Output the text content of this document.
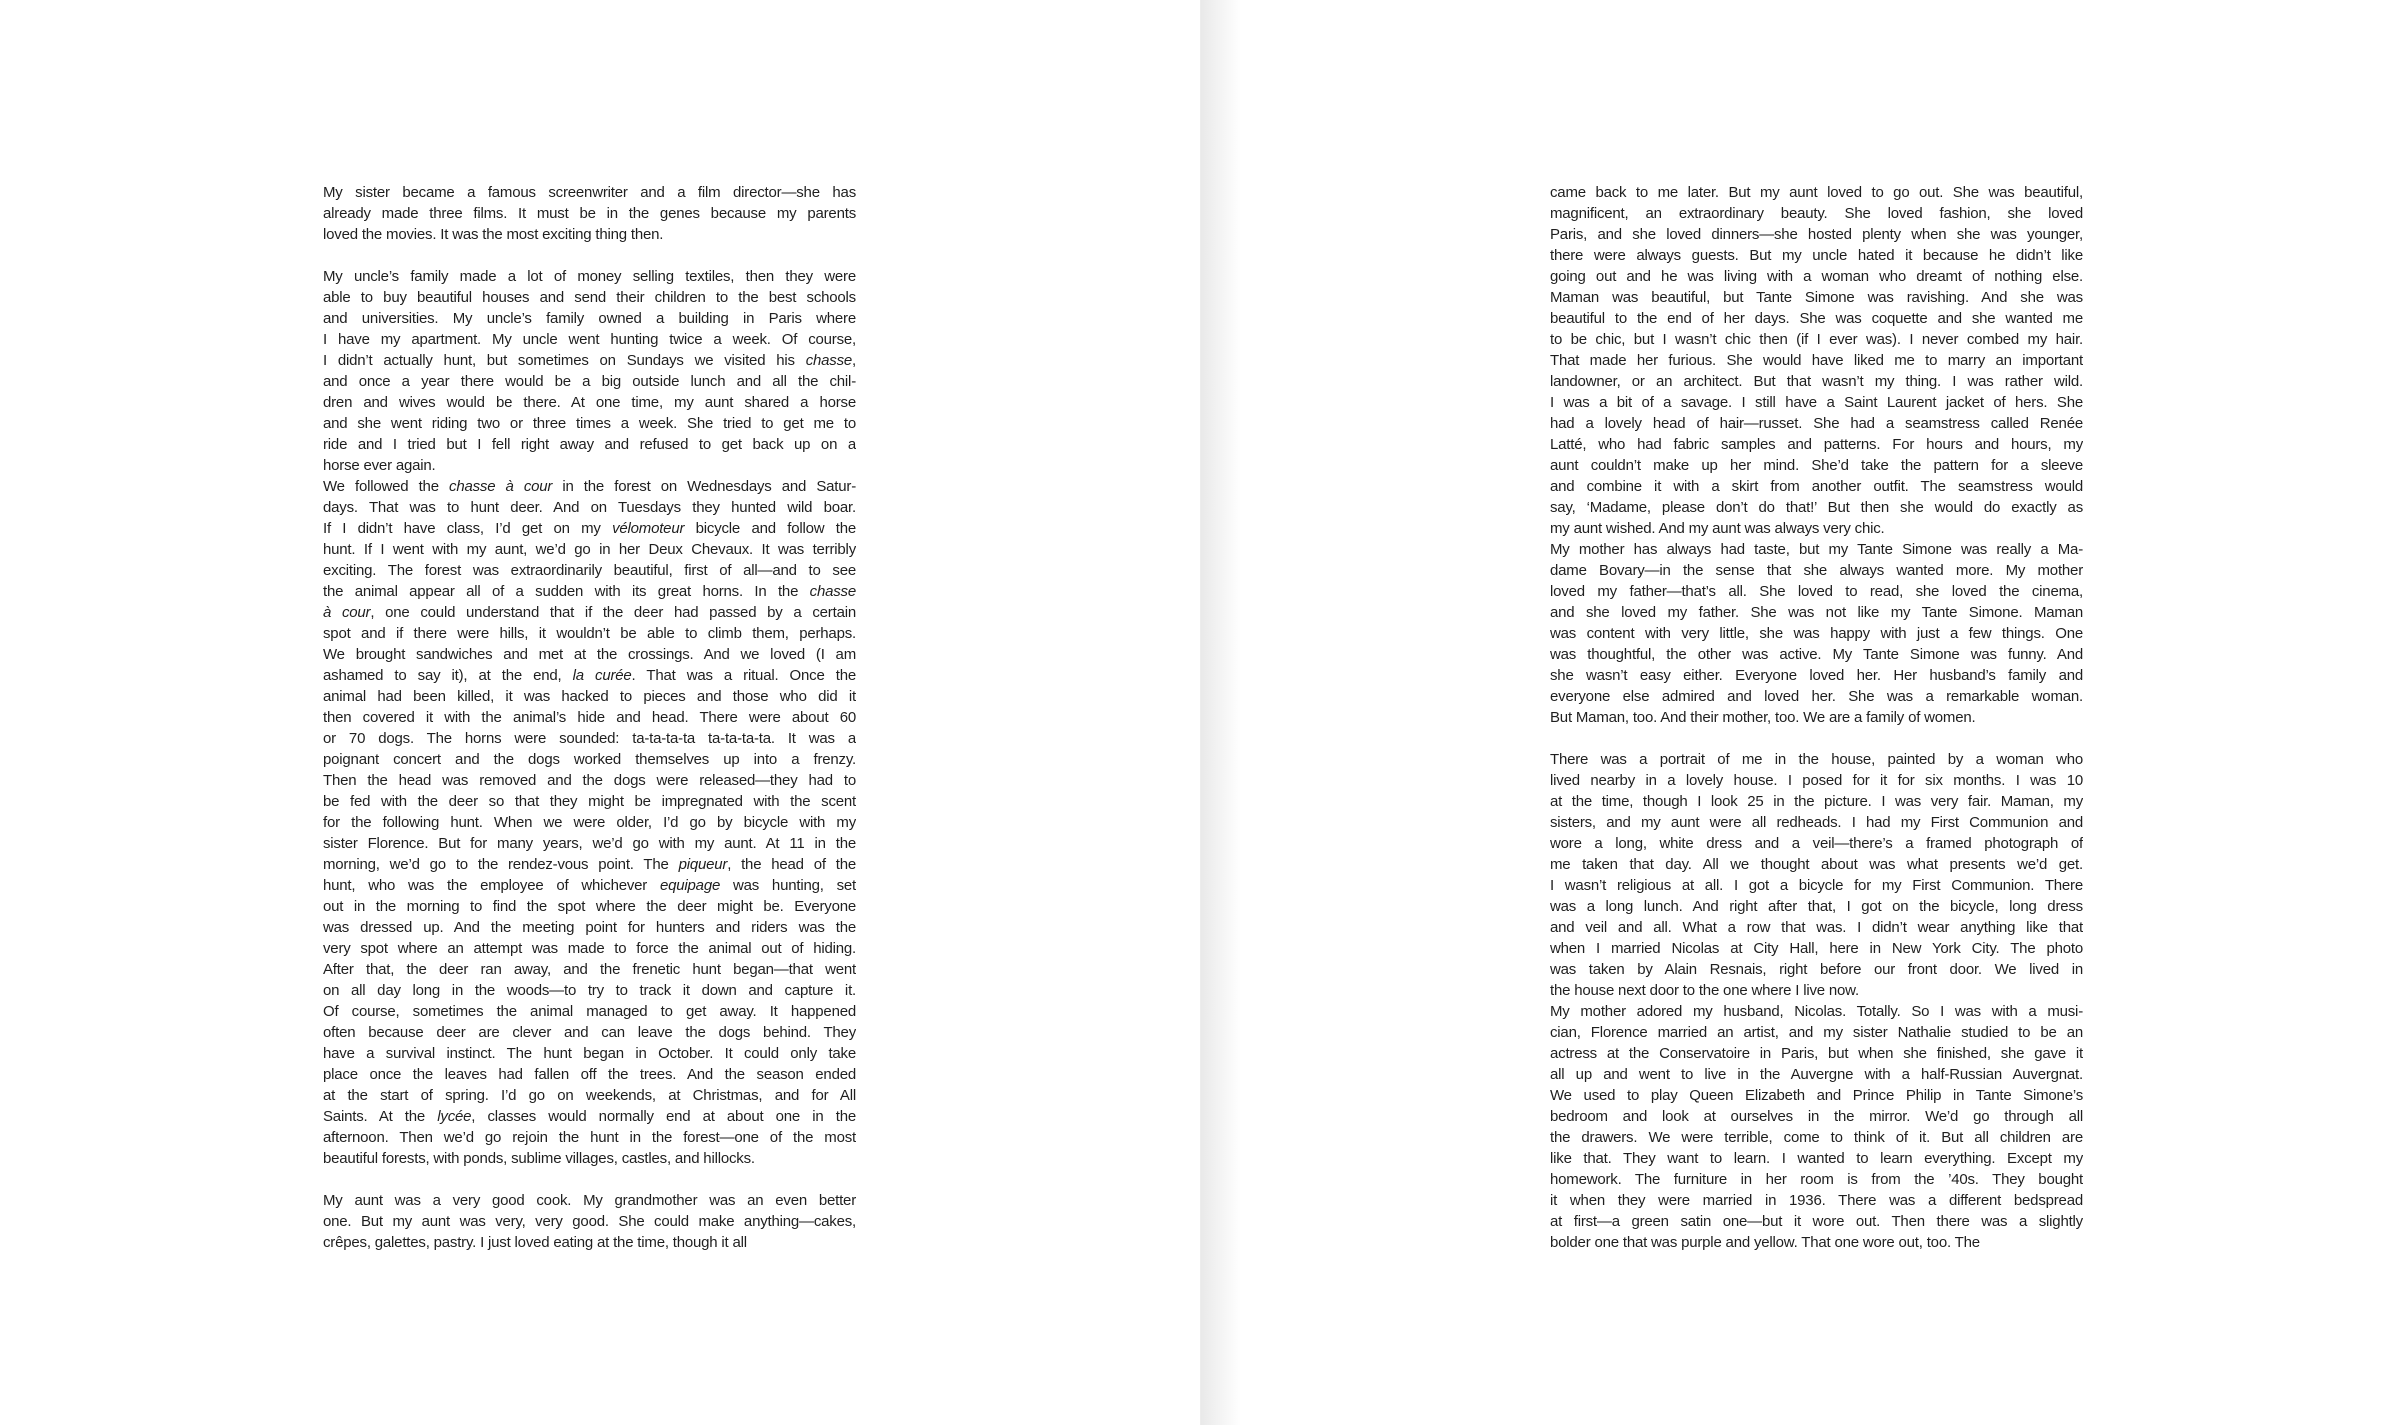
My sister became a famous screenwriter and a film director—she has
already made three films. It must be in the genes because my parents
loved the movies. It was the most exciting thing then.
My uncle’s family made a lot of money selling textiles, then they were
able to buy beautiful houses and send their children to the best schools
and universities. My uncle’s family owned a building in Paris where
I have my apartment. My uncle went hunting twice a week. Of course,
I didn’t actually hunt, but sometimes on Sundays we visited his chasse,
and once a year there would be a big outside lunch and all the chil-
dren and wives would be there. At one time, my aunt shared a horse
and she went riding two or three times a week. She tried to get me to
ride and I tried but I fell right away and refused to get back up on a
horse ever again.
We followed the chasse à cour in the forest on Wednesdays and Satur-
days. That was to hunt deer. And on Tuesdays they hunted wild boar.
If I didn’t have class, I’d get on my vélomoteur bicycle and follow the
hunt. If I went with my aunt, we’d go in her Deux Chevaux. It was terribly
exciting. The forest was extraordinarily beautiful, first of all—and to see
the animal appear all of a sudden with its great horns. In the chasse
à cour, one could understand that if the deer had passed by a certain
spot and if there were hills, it wouldn’t be able to climb them, perhaps.
We brought sandwiches and met at the crossings. And we loved (I am
ashamed to say it), at the end, la curée. That was a ritual. Once the
animal had been killed, it was hacked to pieces and those who did it
then covered it with the animal’s hide and head. There were about 60
or 70 dogs. The horns were sounded: ta-ta-ta-ta ta-ta-ta-ta. It was a
poignant concert and the dogs worked themselves up into a frenzy.
Then the head was removed and the dogs were released—they had to
be fed with the deer so that they might be impregnated with the scent
for the following hunt. When we were older, I’d go by bicycle with my
sister Florence. But for many years, we’d go with my aunt. At 11 in the
morning, we’d go to the rendez-vous point. The piqueur, the head of the
hunt, who was the employee of whichever equipage was hunting, set
out in the morning to find the spot where the deer might be. Everyone
was dressed up. And the meeting point for hunters and riders was the
very spot where an attempt was made to force the animal out of hiding.
After that, the deer ran away, and the frenetic hunt began—that went
on all day long in the woods—to try to track it down and capture it.
Of course, sometimes the animal managed to get away. It happened
often because deer are clever and can leave the dogs behind. They
have a survival instinct. The hunt began in October. It could only take
place once the leaves had fallen off the trees. And the season ended
at the start of spring. I’d go on weekends, at Christmas, and for All
Saints. At the lycée, classes would normally end at about one in the
afternoon. Then we’d go rejoin the hunt in the forest—one of the most
beautiful forests, with ponds, sublime villages, castles, and hillocks.
My aunt was a very good cook. My grandmother was an even better
one. But my aunt was very, very good. She could make anything—cakes,
crêpes, galettes, pastry. I just loved eating at the time, though it all
came back to me later. But my aunt loved to go out. She was beautiful,
magnificent, an extraordinary beauty. She loved fashion, she loved
Paris, and she loved dinners—she hosted plenty when she was younger,
there were always guests. But my uncle hated it because he didn’t like
going out and he was living with a woman who dreamt of nothing else.
Maman was beautiful, but Tante Simone was ravishing. And she was
beautiful to the end of her days. She was coquette and she wanted me
to be chic, but I wasn’t chic then (if I ever was). I never combed my hair.
That made her furious. She would have liked me to marry an important
landowner, or an architect. But that wasn’t my thing. I was rather wild.
I was a bit of a savage. I still have a Saint Laurent jacket of hers. She
had a lovely head of hair—russet. She had a seamstress called Renée
Latté, who had fabric samples and patterns. For hours and hours, my
aunt couldn’t make up her mind. She’d take the pattern for a sleeve
and combine it with a skirt from another outfit. The seamstress would
say, ‘Madame, please don’t do that!’ But then she would do exactly as
my aunt wished. And my aunt was always very chic.
My mother has always had taste, but my Tante Simone was really a Ma-
dame Bovary—in the sense that she always wanted more. My mother
loved my father—that’s all. She loved to read, she loved the cinema,
and she loved my father. She was not like my Tante Simone. Maman
was content with very little, she was happy with just a few things. One
was thoughtful, the other was active. My Tante Simone was funny. And
she wasn’t easy either. Everyone loved her. Her husband’s family and
everyone else admired and loved her. She was a remarkable woman.
But Maman, too. And their mother, too. We are a family of women.
There was a portrait of me in the house, painted by a woman who
lived nearby in a lovely house. I posed for it for six months. I was 10
at the time, though I look 25 in the picture. I was very fair. Maman, my
sisters, and my aunt were all redheads. I had my First Communion and
wore a long, white dress and a veil—there’s a framed photograph of
me taken that day. All we thought about was what presents we’d get.
I wasn’t religious at all. I got a bicycle for my First Communion. There
was a long lunch. And right after that, I got on the bicycle, long dress
and veil and all. What a row that was. I didn’t wear anything like that
when I married Nicolas at City Hall, here in New York City. The photo
was taken by Alain Resnais, right before our front door. We lived in
the house next door to the one where I live now.
My mother adored my husband, Nicolas. Totally. So I was with a musi-
cian, Florence married an artist, and my sister Nathalie studied to be an
actress at the Conservatoire in Paris, but when she finished, she gave it
all up and went to live in the Auvergne with a half-Russian Auvergnat.
We used to play Queen Elizabeth and Prince Philip in Tante Simone’s
bedroom and look at ourselves in the mirror. We’d go through all
the drawers. We were terrible, come to think of it. But all children are
like that. They want to learn. I wanted to learn everything. Except my
homework. The furniture in her room is from the ’40s. They bought
it when they were married in 1936. There was a different bedspread
at first—a green satin one—but it wore out. Then there was a slightly
bolder one that was purple and yellow. That one wore out, too. The
